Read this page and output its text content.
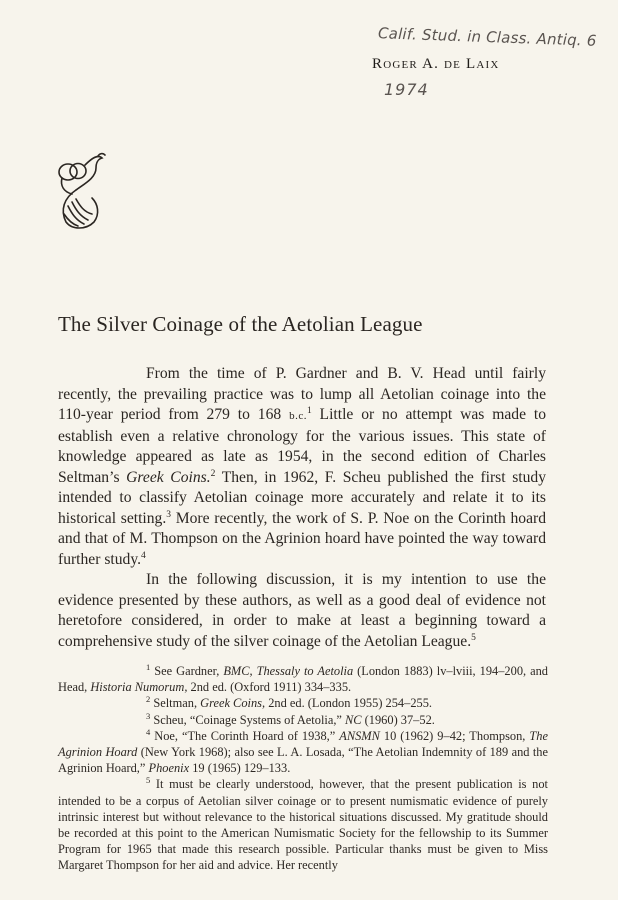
Calif. Stud. in Class. Antiq. 6
Roger A. de Laix
1974
The Silver Coinage of the Aetolian League

From the time of P. Gardner and B. V. Head until fairly recently, the prevailing practice was to lump all Aetolian coinage into the 110-year period from 279 to 168 b.c.$^1$ Little or no attempt was made to establish even a relative chronology for the various issues. This state of knowledge appeared as late as 1954, in the second edition of Charles Seltman’s Greek Coins.$^2$ Then, in 1962, F. Scheu published the first study intended to classify Aetolian coinage more accurately and relate it to its historical setting.$^3$ More recently, the work of S. P. Noe on the Corinth hoard and that of M. Thompson on the Agrinion hoard have pointed the way toward further study.$^4$

In the following discussion, it is my intention to use the evidence presented by these authors, as well as a good deal of evidence not heretofore considered, in order to make at least a beginning toward a comprehensive study of the silver coinage of the Aetolian League.$^5$

$^1$ See Gardner, BMC, Thessaly to Aetolia (London 1883) lv–lviii, 194–200, and Head, Historia Numorum, 2nd ed. (Oxford 1911) 334–335.

$^2$ Seltman, Greek Coins, 2nd ed. (London 1955) 254–255.

$^3$ Scheu, “Coinage Systems of Aetolia,” NC (1960) 37–52.

$^4$ Noe, “The Corinth Hoard of 1938,” ANSMN 10 (1962) 9–42; Thompson, The Agrinion Hoard (New York 1968); also see L. A. Losada, “The Aetolian Indemnity of 189 and the Agrinion Hoard,” Phoenix 19 (1965) 129–133.

$^5$ It must be clearly understood, however, that the present publication is not intended to be a corpus of Aetolian silver coinage or to present numismatic evidence of purely intrinsic interest but without relevance to the historical situations discussed. My gratitude should be recorded at this point to the American Numismatic Society for the fellowship to its Summer Program for 1965 that made this research possible. Particular thanks must be given to Miss Margaret Thompson for her aid and advice. Her recently
